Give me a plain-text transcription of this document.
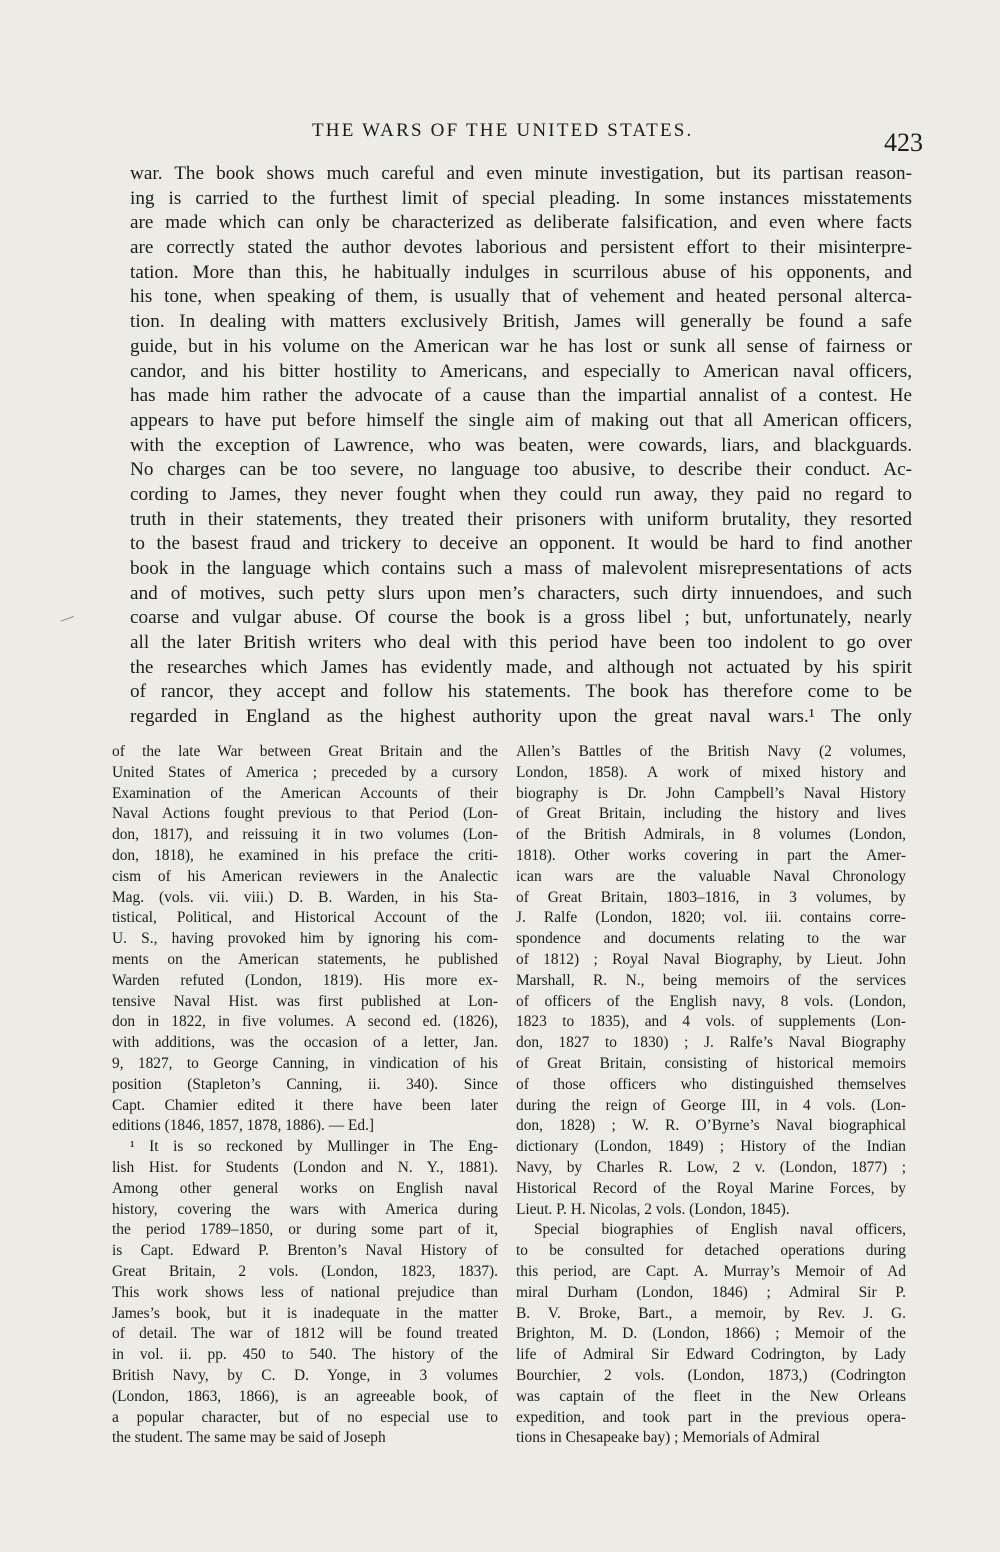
THE WARS OF THE UNITED STATES.	423
war. The book shows much careful and even minute investigation, but its partisan reason-
ing is carried to the furthest limit of special pleading. In some instances misstatements
are made which can only be characterized as deliberate falsification, and even where facts
are correctly stated the author devotes laborious and persistent effort to their misinterpre-
tation. More than this, he habitually indulges in scurrilous abuse of his opponents, and
his tone, when speaking of them, is usually that of vehement and heated personal alterca-
tion. In dealing with matters exclusively British, James will generally be found a safe
guide, but in his volume on the American war he has lost or sunk all sense of fairness or
candor, and his bitter hostility to Americans, and especially to American naval officers,
has made him rather the advocate of a cause than the impartial annalist of a contest. He
appears to have put before himself the single aim of making out that all American officers,
with the exception of Lawrence, who was beaten, were cowards, liars, and blackguards.
No charges can be too severe, no language too abusive, to describe their conduct. Ac-
cording to James, they never fought when they could run away, they paid no regard to
truth in their statements, they treated their prisoners with uniform brutality, they resorted
to the basest fraud and trickery to deceive an opponent. It would be hard to find another
book in the language which contains such a mass of malevolent misrepresentations of acts
and of motives, such petty slurs upon men’s characters, such dirty innuendoes, and such
coarse and vulgar abuse. Of course the book is a gross libel ; but, unfortunately, nearly
all the later British writers who deal with this period have been too indolent to go over
the researches which James has evidently made, and although not actuated by his spirit
of rancor, they accept and follow his statements. The book has therefore come to be
regarded in England as the highest authority upon the great naval wars.¹ The only
of the late War between Great Britain and the
United States of America ; preceded by a cursory
Examination of the American Accounts of their
Naval Actions fought previous to that Period (Lon-
don, 1817), and reissuing it in two volumes (Lon-
don, 1818), he examined in his preface the criti-
cism of his American reviewers in the Analectic
Mag. (vols. vii. viii.) D. B. Warden, in his Sta-
tistical, Political, and Historical Account of the
U. S., having provoked him by ignoring his com-
ments on the American statements, he published
Warden refuted (London, 1819). His more ex-
tensive Naval Hist. was first published at Lon-
don in 1822, in five volumes. A second ed. (1826),
with additions, was the occasion of a letter, Jan.
9, 1827, to George Canning, in vindication of his
position (Stapleton’s Canning, ii. 340). Since
Capt. Chamier edited it there have been later
editions (1846, 1857, 1878, 1886). — Ed.]
¹ It is so reckoned by Mullinger in The Eng-
lish Hist. for Students (London and N. Y., 1881).
Among other general works on English naval
history, covering the wars with America during
the period 1789–1850, or during some part of it,
is Capt. Edward P. Brenton’s Naval History of
Great Britain, 2 vols. (London, 1823, 1837).
This work shows less of national prejudice than
James’s book, but it is inadequate in the matter
of detail. The war of 1812 will be found treated
in vol. ii. pp. 450 to 540. The history of the
British Navy, by C. D. Yonge, in 3 volumes
(London, 1863, 1866), is an agreeable book, of
a popular character, but of no especial use to
the student. The same may be said of Joseph
Allen’s Battles of the British Navy (2 volumes,
London, 1858). A work of mixed history and
biography is Dr. John Campbell’s Naval History
of Great Britain, including the history and lives
of the British Admirals, in 8 volumes (London,
1818). Other works covering in part the Amer-
ican wars are the valuable Naval Chronology
of Great Britain, 1803–1816, in 3 volumes, by
J. Ralfe (London, 1820; vol. iii. contains corre-
spondence and documents relating to the war
of 1812) ; Royal Naval Biography, by Lieut. John
Marshall, R. N., being memoirs of the services
of officers of the English navy, 8 vols. (London,
1823 to 1835), and 4 vols. of supplements (Lon-
don, 1827 to 1830) ; J. Ralfe’s Naval Biography
of Great Britain, consisting of historical memoirs
of those officers who distinguished themselves
during the reign of George III, in 4 vols. (Lon-
don, 1828) ; W. R. O’Byrne’s Naval biographical
dictionary (London, 1849) ; History of the Indian
Navy, by Charles R. Low, 2 v. (London, 1877) ;
Historical Record of the Royal Marine Forces, by
Lieut. P. H. Nicolas, 2 vols. (London, 1845).
Special biographies of English naval officers,
to be consulted for detached operations during
this period, are Capt. A. Murray’s Memoir of Ad
miral Durham (London, 1846) ; Admiral Sir P.
B. V. Broke, Bart., a memoir, by Rev. J. G.
Brighton, M. D. (London, 1866) ; Memoir of the
life of Admiral Sir Edward Codrington, by Lady
Bourchier, 2 vols. (London, 1873,) (Codrington
was captain of the fleet in the New Orleans
expedition, and took part in the previous opera-
tions in Chesapeake bay) ; Memorials of Admiral
